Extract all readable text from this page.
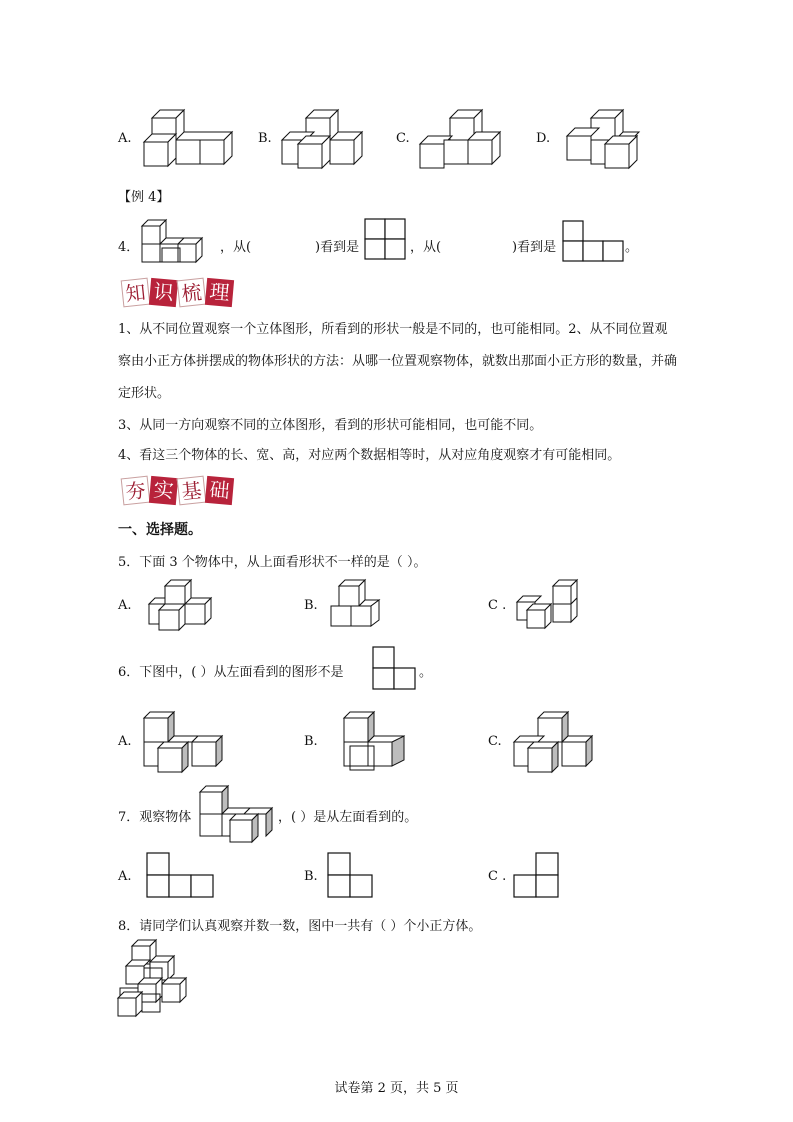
A.	B.	C.	D.
【例 4】
4．	，从(	)看到是	，从(	)看到是	。
知 识 梳 理
1、从不同位置观察一个立体图形，所看到的形状一般是不同的，也可能相同。2、从不同位置观察由小正方体拼摆成的物体形状的方法：从哪一位置观察物体，就数出那面小正方形的数量，并确定形状。
3、从同一方向观察不同的立体图形，看到的形状可能相同，也可能不同。
4、看这三个物体的长、宽、高，对应两个数据相等时，从对应角度观察才有可能相同。
夯 实 基 础
一、选择题。
5．下面 3 个物体中，从上面看形状不一样的是（ ）。
A.	B.	C .
6．下图中，( ）从左面看到的图形不是	。
A.	B.	C.
7．观察物体	，( ）是从左面看到的。
A.	B.	C .
8．请同学们认真观察并数一数，图中一共有（ ）个小正方体。
试卷第 2 页，共 5 页
